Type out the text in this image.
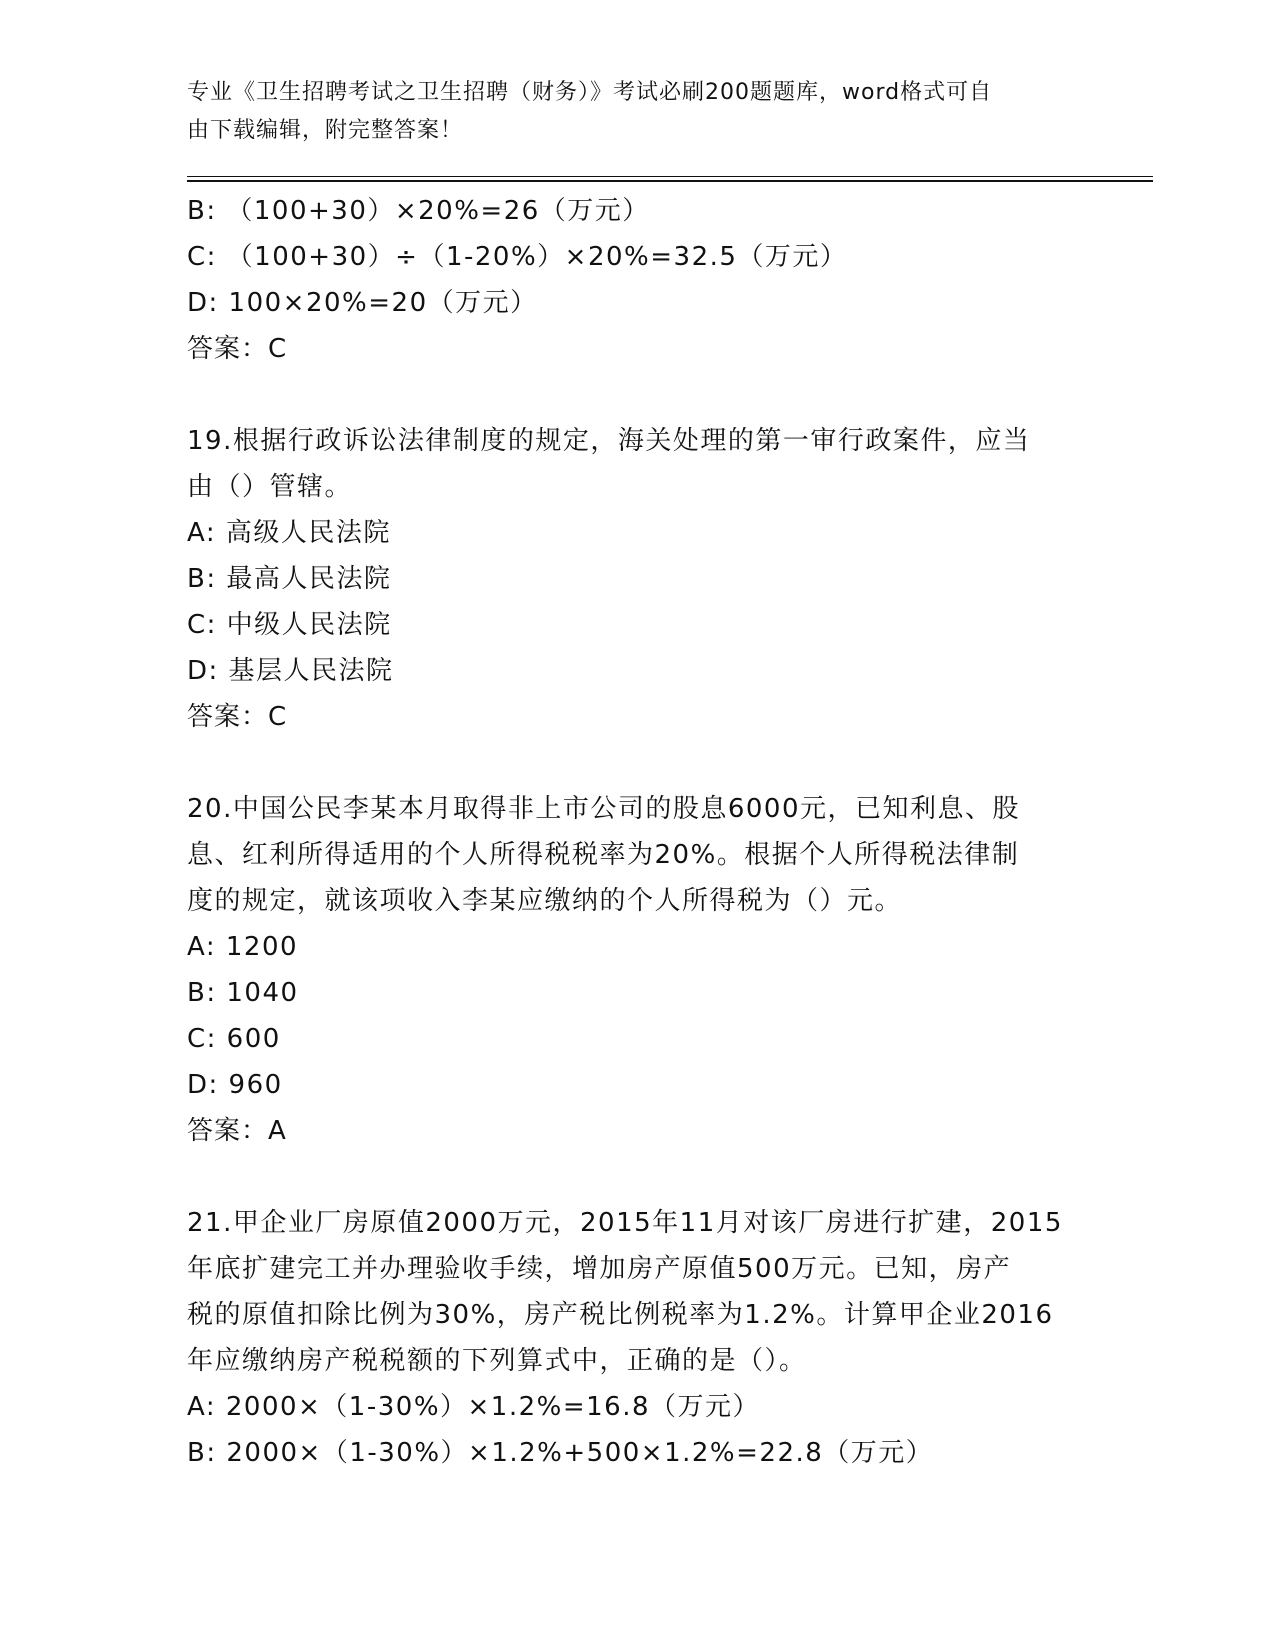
专业《卫生招聘考试之卫生招聘（财务）》考试必刷200题题库，word格式可自
由下载编辑，附完整答案！
B: （100+30）×20%=26（万元）
C: （100+30）÷（1-20%）×20%=32.5（万元）
D: 100×20%=20（万元）
答案：C
19.根据行政诉讼法律制度的规定，海关处理的第一审行政案件，应当
由（）管辖。
A: 高级人民法院
B: 最高人民法院
C: 中级人民法院
D: 基层人民法院
答案：C
20.中国公民李某本月取得非上市公司的股息6000元，已知利息、股
息、红利所得适用的个人所得税税率为20%。根据个人所得税法律制
度的规定，就该项收入李某应缴纳的个人所得税为（）元。
A: 1200
B: 1040
C: 600
D: 960
答案：A
21.甲企业厂房原值2000万元，2015年11月对该厂房进行扩建，2015
年底扩建完工并办理验收手续，增加房产原值500万元。已知，房产
税的原值扣除比例为30%，房产税比例税率为1.2%。计算甲企业2016
年应缴纳房产税税额的下列算式中，正确的是（）。
A: 2000×（1-30%）×1.2%=16.8（万元）
B: 2000×（1-30%）×1.2%+500×1.2%=22.8（万元）
